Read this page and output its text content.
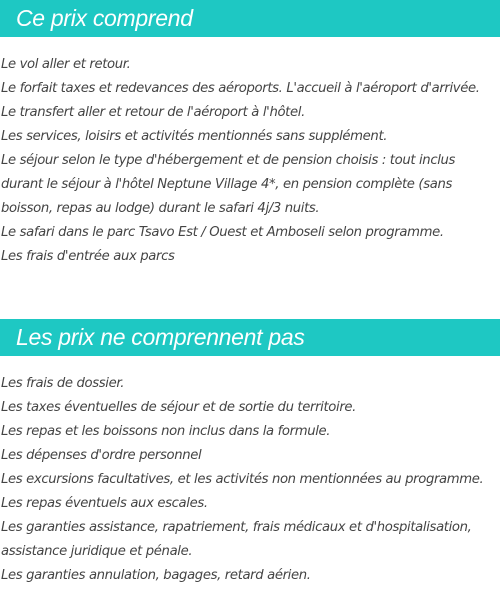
Ce prix comprend
Le vol aller et retour.
Le forfait taxes et redevances des aéroports. L'accueil à l'aéroport d'arrivée.
Le transfert aller et retour de l'aéroport à l'hôtel.
Les services, loisirs et activités mentionnés sans supplément.
Le séjour selon le type d'hébergement et de pension choisis : tout inclus durant le séjour à l'hôtel Neptune Village 4*, en pension complète (sans boisson, repas au lodge) durant le safari 4j/3 nuits.
Le safari dans le parc Tsavo Est / Ouest et Amboseli selon programme.
Les frais d'entrée aux parcs
Les prix ne comprennent pas
Les frais de dossier.
Les taxes éventuelles de séjour et de sortie du territoire.
Les repas et les boissons non inclus dans la formule.
Les dépenses d'ordre personnel
Les excursions facultatives, et les activités non mentionnées au programme.
Les repas éventuels aux escales.
Les garanties assistance, rapatriement, frais médicaux et d'hospitalisation, assistance juridique et pénale.
Les garanties annulation, bagages, retard aérien.
